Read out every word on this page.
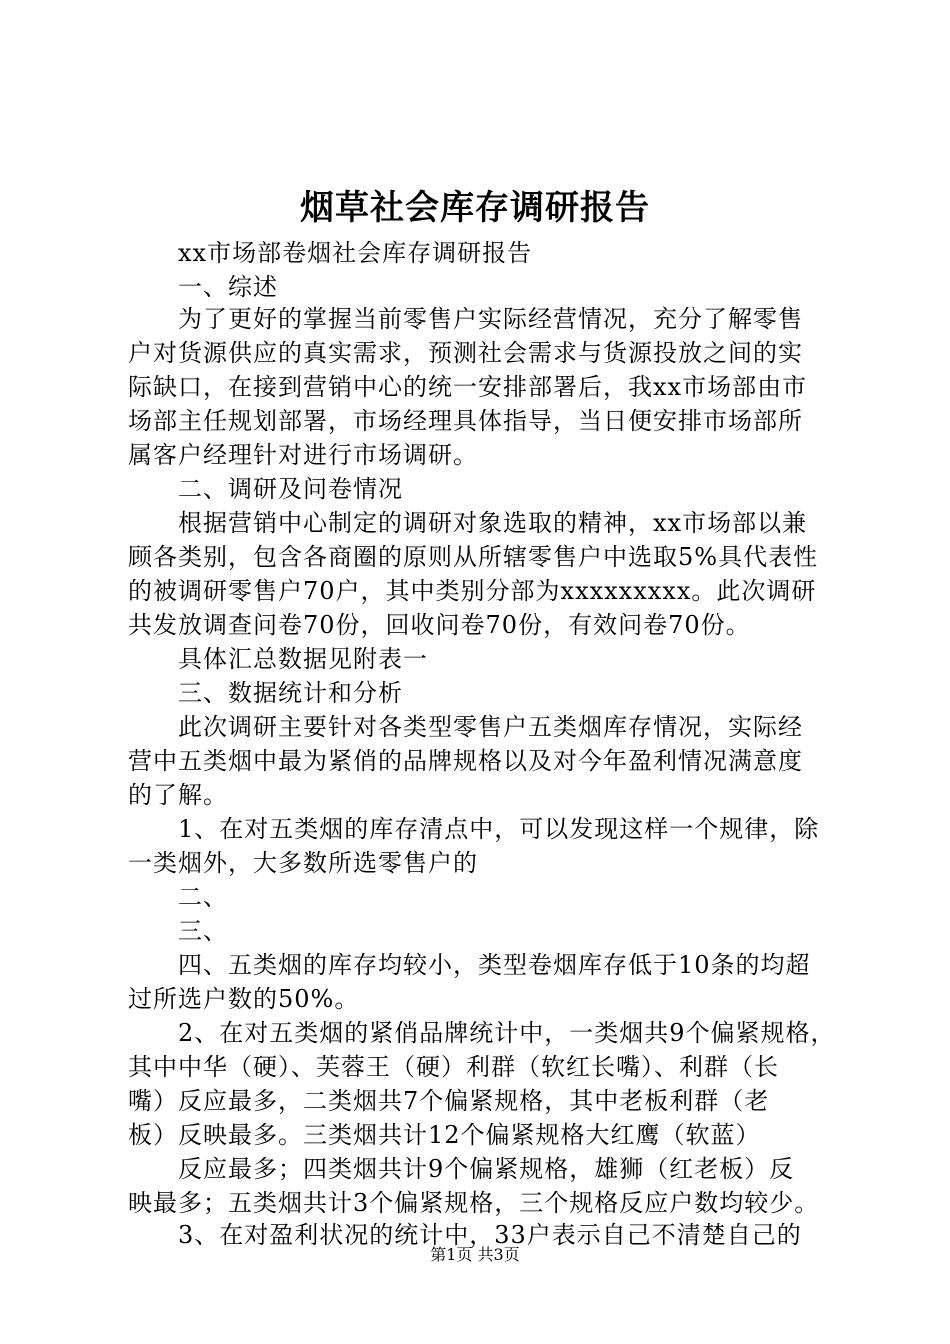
烟草社会库存调研报告
xx市场部卷烟社会库存调研报告
一、综述
为了更好的掌握当前零售户实际经营情况，充分了解零售
户对货源供应的真实需求，预测社会需求与货源投放之间的实
际缺口，在接到营销中心的统一安排部署后，我xx市场部由市
场部主任规划部署，市场经理具体指导，当日便安排市场部所
属客户经理针对进行市场调研。
二、调研及问卷情况
根据营销中心制定的调研对象选取的精神，xx市场部以兼
顾各类别，包含各商圈的原则从所辖零售户中选取5%具代表性
的被调研零售户70户，其中类别分部为xxxxxxxxx。此次调研
共发放调查问卷70份，回收问卷70份，有效问卷70份。
具体汇总数据见附表一
三、数据统计和分析
此次调研主要针对各类型零售户五类烟库存情况，实际经
营中五类烟中最为紧俏的品牌规格以及对今年盈利情况满意度
的了解。
1、在对五类烟的库存清点中，可以发现这样一个规律，除
一类烟外，大多数所选零售户的
二、
三、
四、五类烟的库存均较小，类型卷烟库存低于10条的均超
过所选户数的50%。
2、在对五类烟的紧俏品牌统计中，一类烟共9个偏紧规格，
其中中华（硬）、芙蓉王（硬）利群（软红长嘴）、利群（长
嘴）反应最多，二类烟共7个偏紧规格，其中老板利群（老
板）反映最多。三类烟共计12个偏紧规格大红鹰（软蓝）
反应最多；四类烟共计9个偏紧规格，雄狮（红老板）反
映最多；五类烟共计3个偏紧规格，三个规格反应户数均较少。
3、在对盈利状况的统计中，33户表示自己不清楚自己的
第1页 共3页
